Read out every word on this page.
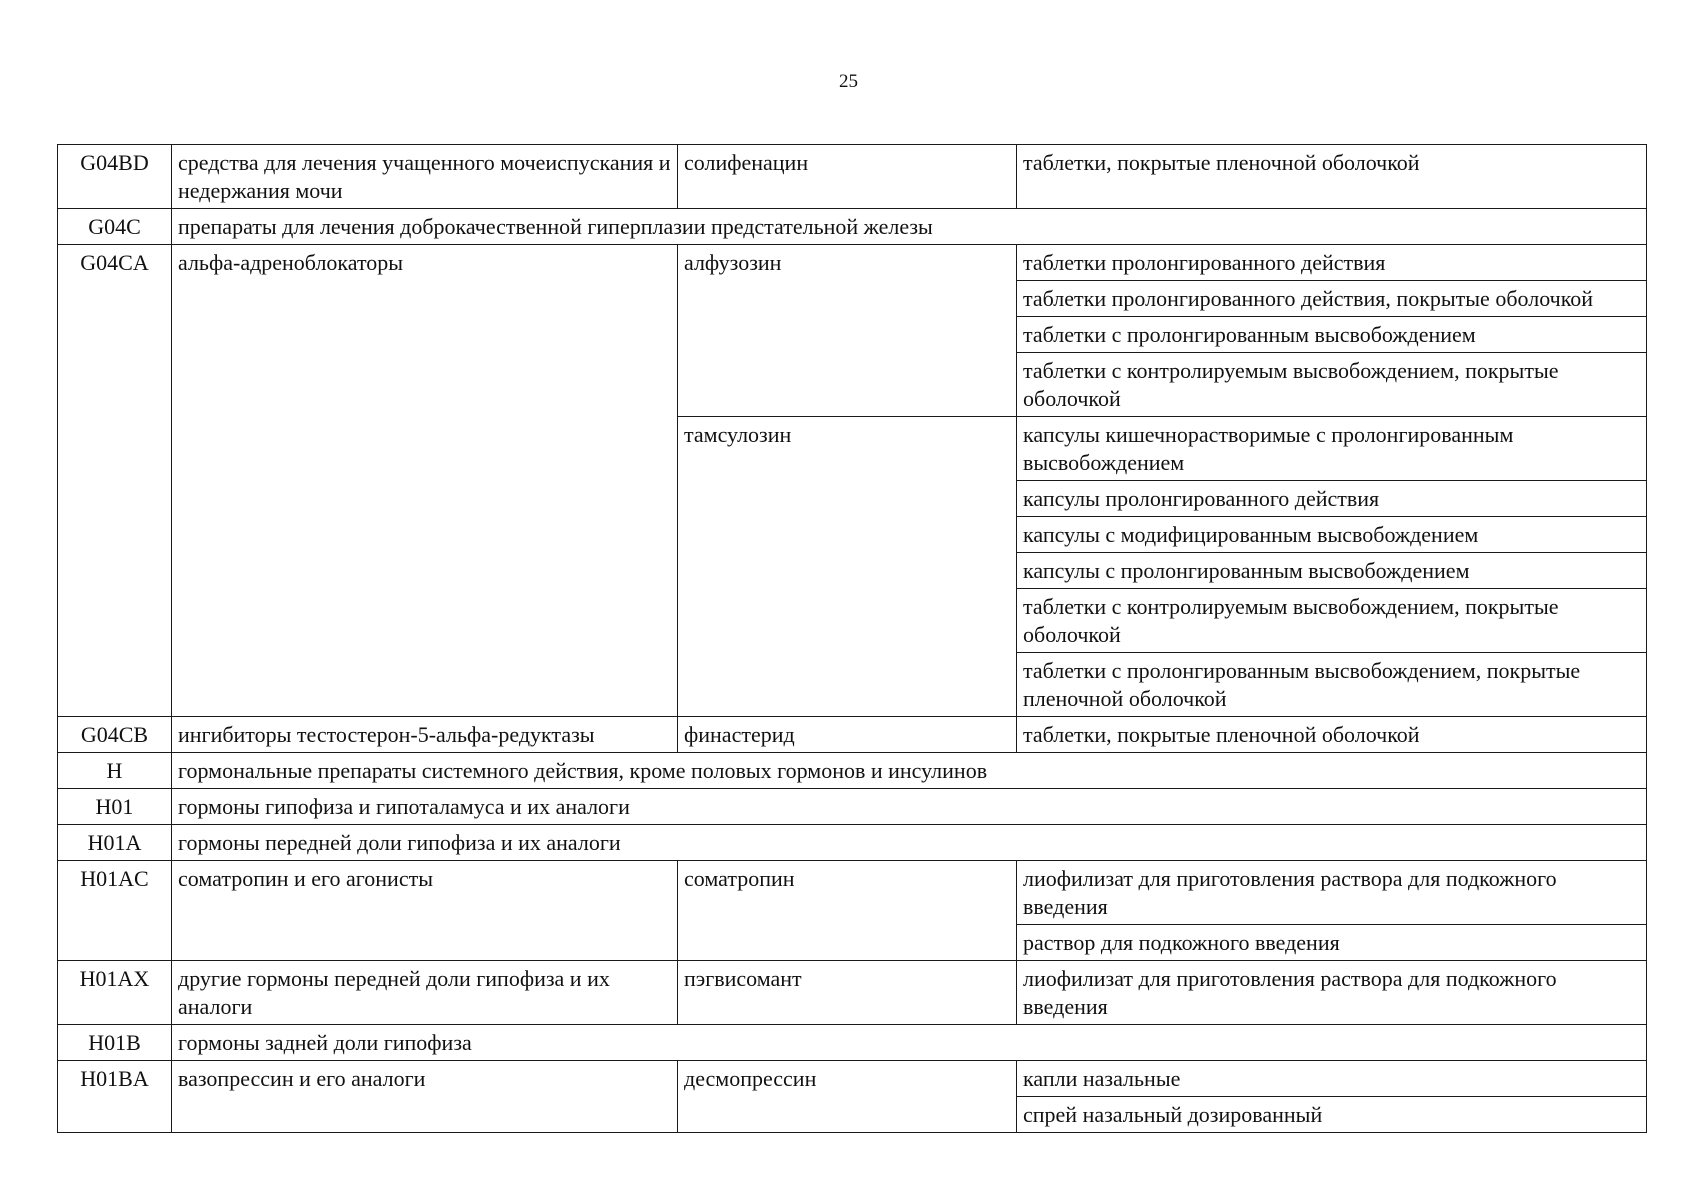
25
G04BD	средства для лечения учащенного мочеиспускания и недержания мочи	солифенацин	таблетки, покрытые пленочной оболочкой
G04C	препараты для лечения доброкачественной гиперплазии предстательной железы		
G04CA	альфа-адреноблокаторы	алфузозин	таблетки пролонгированного действия
			таблетки пролонгированного действия, покрытые оболочкой
			таблетки с пролонгированным высвобождением
			таблетки с контролируемым высвобождением, покрытые оболочкой
		тамсулозин	капсулы кишечнорастворимые с пролонгированным высвобождением
			капсулы пролонгированного действия
			капсулы с модифицированным высвобождением
			капсулы с пролонгированным высвобождением
			таблетки с контролируемым высвобождением, покрытые оболочкой
			таблетки с пролонгированным высвобождением, покрытые пленочной оболочкой
G04CB	ингибиторы тестостерон-5-альфа-редуктазы	финастерид	таблетки, покрытые пленочной оболочкой
H	гормональные препараты системного действия, кроме половых гормонов и инсулинов		
H01	гормоны гипофиза и гипоталамуса и их аналоги		
H01A	гормоны передней доли гипофиза и их аналоги		
H01AC	соматропин и его агонисты	соматропин	лиофилизат для приготовления раствора для подкожного введения
			раствор для подкожного введения
H01AX	другие гормоны передней доли гипофиза и их аналоги	пэгвисомант	лиофилизат для приготовления раствора для подкожного введения
H01B	гормоны задней доли гипофиза		
H01BA	вазопрессин и его аналоги	десмопрессин	капли назальные
			спрей назальный дозированный
